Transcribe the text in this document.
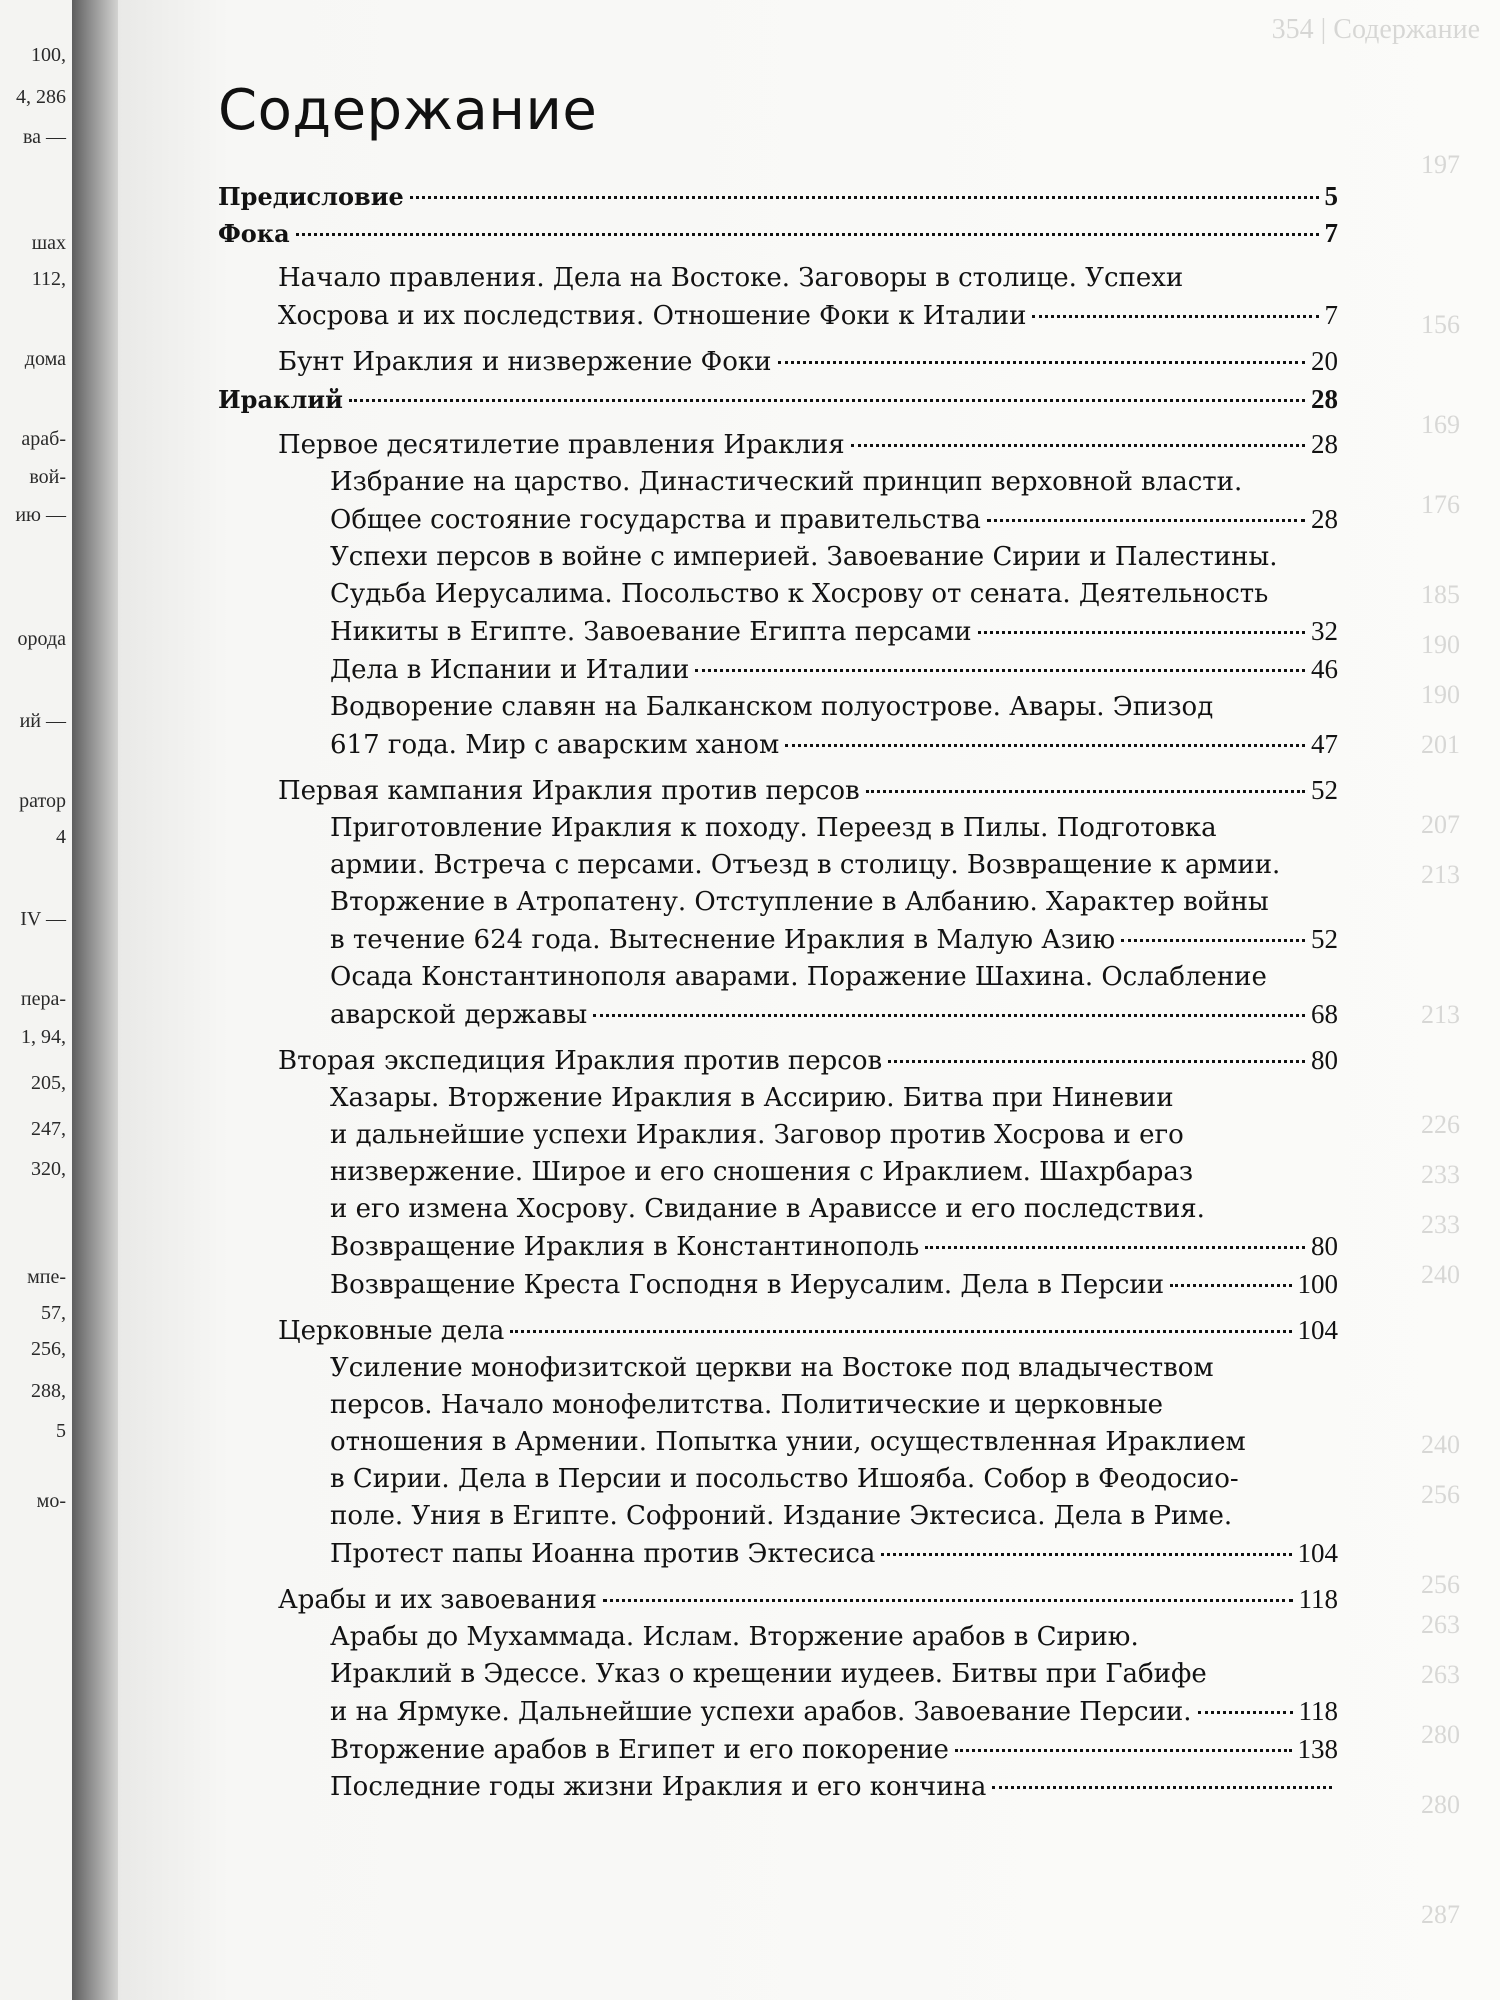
100,
4, 286
ва —
шах
112,
дома
араб-
вой-
ию —
орода
ий —
ратор
4
IV —
пера-
1, 94,
205,
247,
320,
мпе-
57,
256,
288,
5
мо-
354 | Содержание
197
156
169
176
185
190
190
201
207
213
213
226
233
233
240
240
256
256
263
263
280
280
287
Содержание
Предисловие	5
Фока	7
Начало правления. Дела на Востоке. Заговоры в столице. Успехи
Хосрова и их последствия. Отношение Фоки к Италии	7
Бунт Ираклия и низвержение Фоки	20
Ираклий	28
Первое десятилетие правления Ираклия	28
Избрание на царство. Династический принцип верховной власти.
Общее состояние государства и правительства	28
Успехи персов в войне с империей. Завоевание Сирии и Палестины.
Судьба Иерусалима. Посольство к Хосрову от сената. Деятельность
Никиты в Египте. Завоевание Египта персами	32
Дела в Испании и Италии	46
Водворение славян на Балканском полуострове. Авары. Эпизод
617 года. Мир с аварским ханом	47
Первая кампания Ираклия против персов	52
Приготовление Ираклия к походу. Переезд в Пилы. Подготовка
армии. Встреча с персами. Отъезд в столицу. Возвращение к армии.
Вторжение в Атропатену. Отступление в Албанию. Характер войны
в течение 624 года. Вытеснение Ираклия в Малую Азию	52
Осада Константинополя аварами. Поражение Шахина. Ослабление
аварской державы	68
Вторая экспедиция Ираклия против персов	80
Хазары. Вторжение Ираклия в Ассирию. Битва при Ниневии
и дальнейшие успехи Ираклия. Заговор против Хосрова и его
низвержение. Широе и его сношения с Ираклием. Шахрбараз
и его измена Хосрову. Свидание в Арависсе и его последствия.
Возвращение Ираклия в Константинополь	80
Возвращение Креста Господня в Иерусалим. Дела в Персии	100
Церковные дела	104
Усиление монофизитской церкви на Востоке под владычеством
персов. Начало монофелитства. Политические и церковные
отношения в Армении. Попытка унии, осуществленная Ираклием
в Сирии. Дела в Персии и посольство Ишояба. Собор в Феодосио-
поле. Уния в Египте. Софроний. Издание Эктесиса. Дела в Риме.
Протест папы Иоанна против Эктесиса	104
Арабы и их завоевания	118
Арабы до Мухаммада. Ислам. Вторжение арабов в Сирию.
Ираклий в Эдессе. Указ о крещении иудеев. Битвы при Габифе
и на Ярмуке. Дальнейшие успехи арабов. Завоевание Персии.	118
Вторжение арабов в Египет и его покорение	138
Последние годы жизни Ираклия и его кончина
